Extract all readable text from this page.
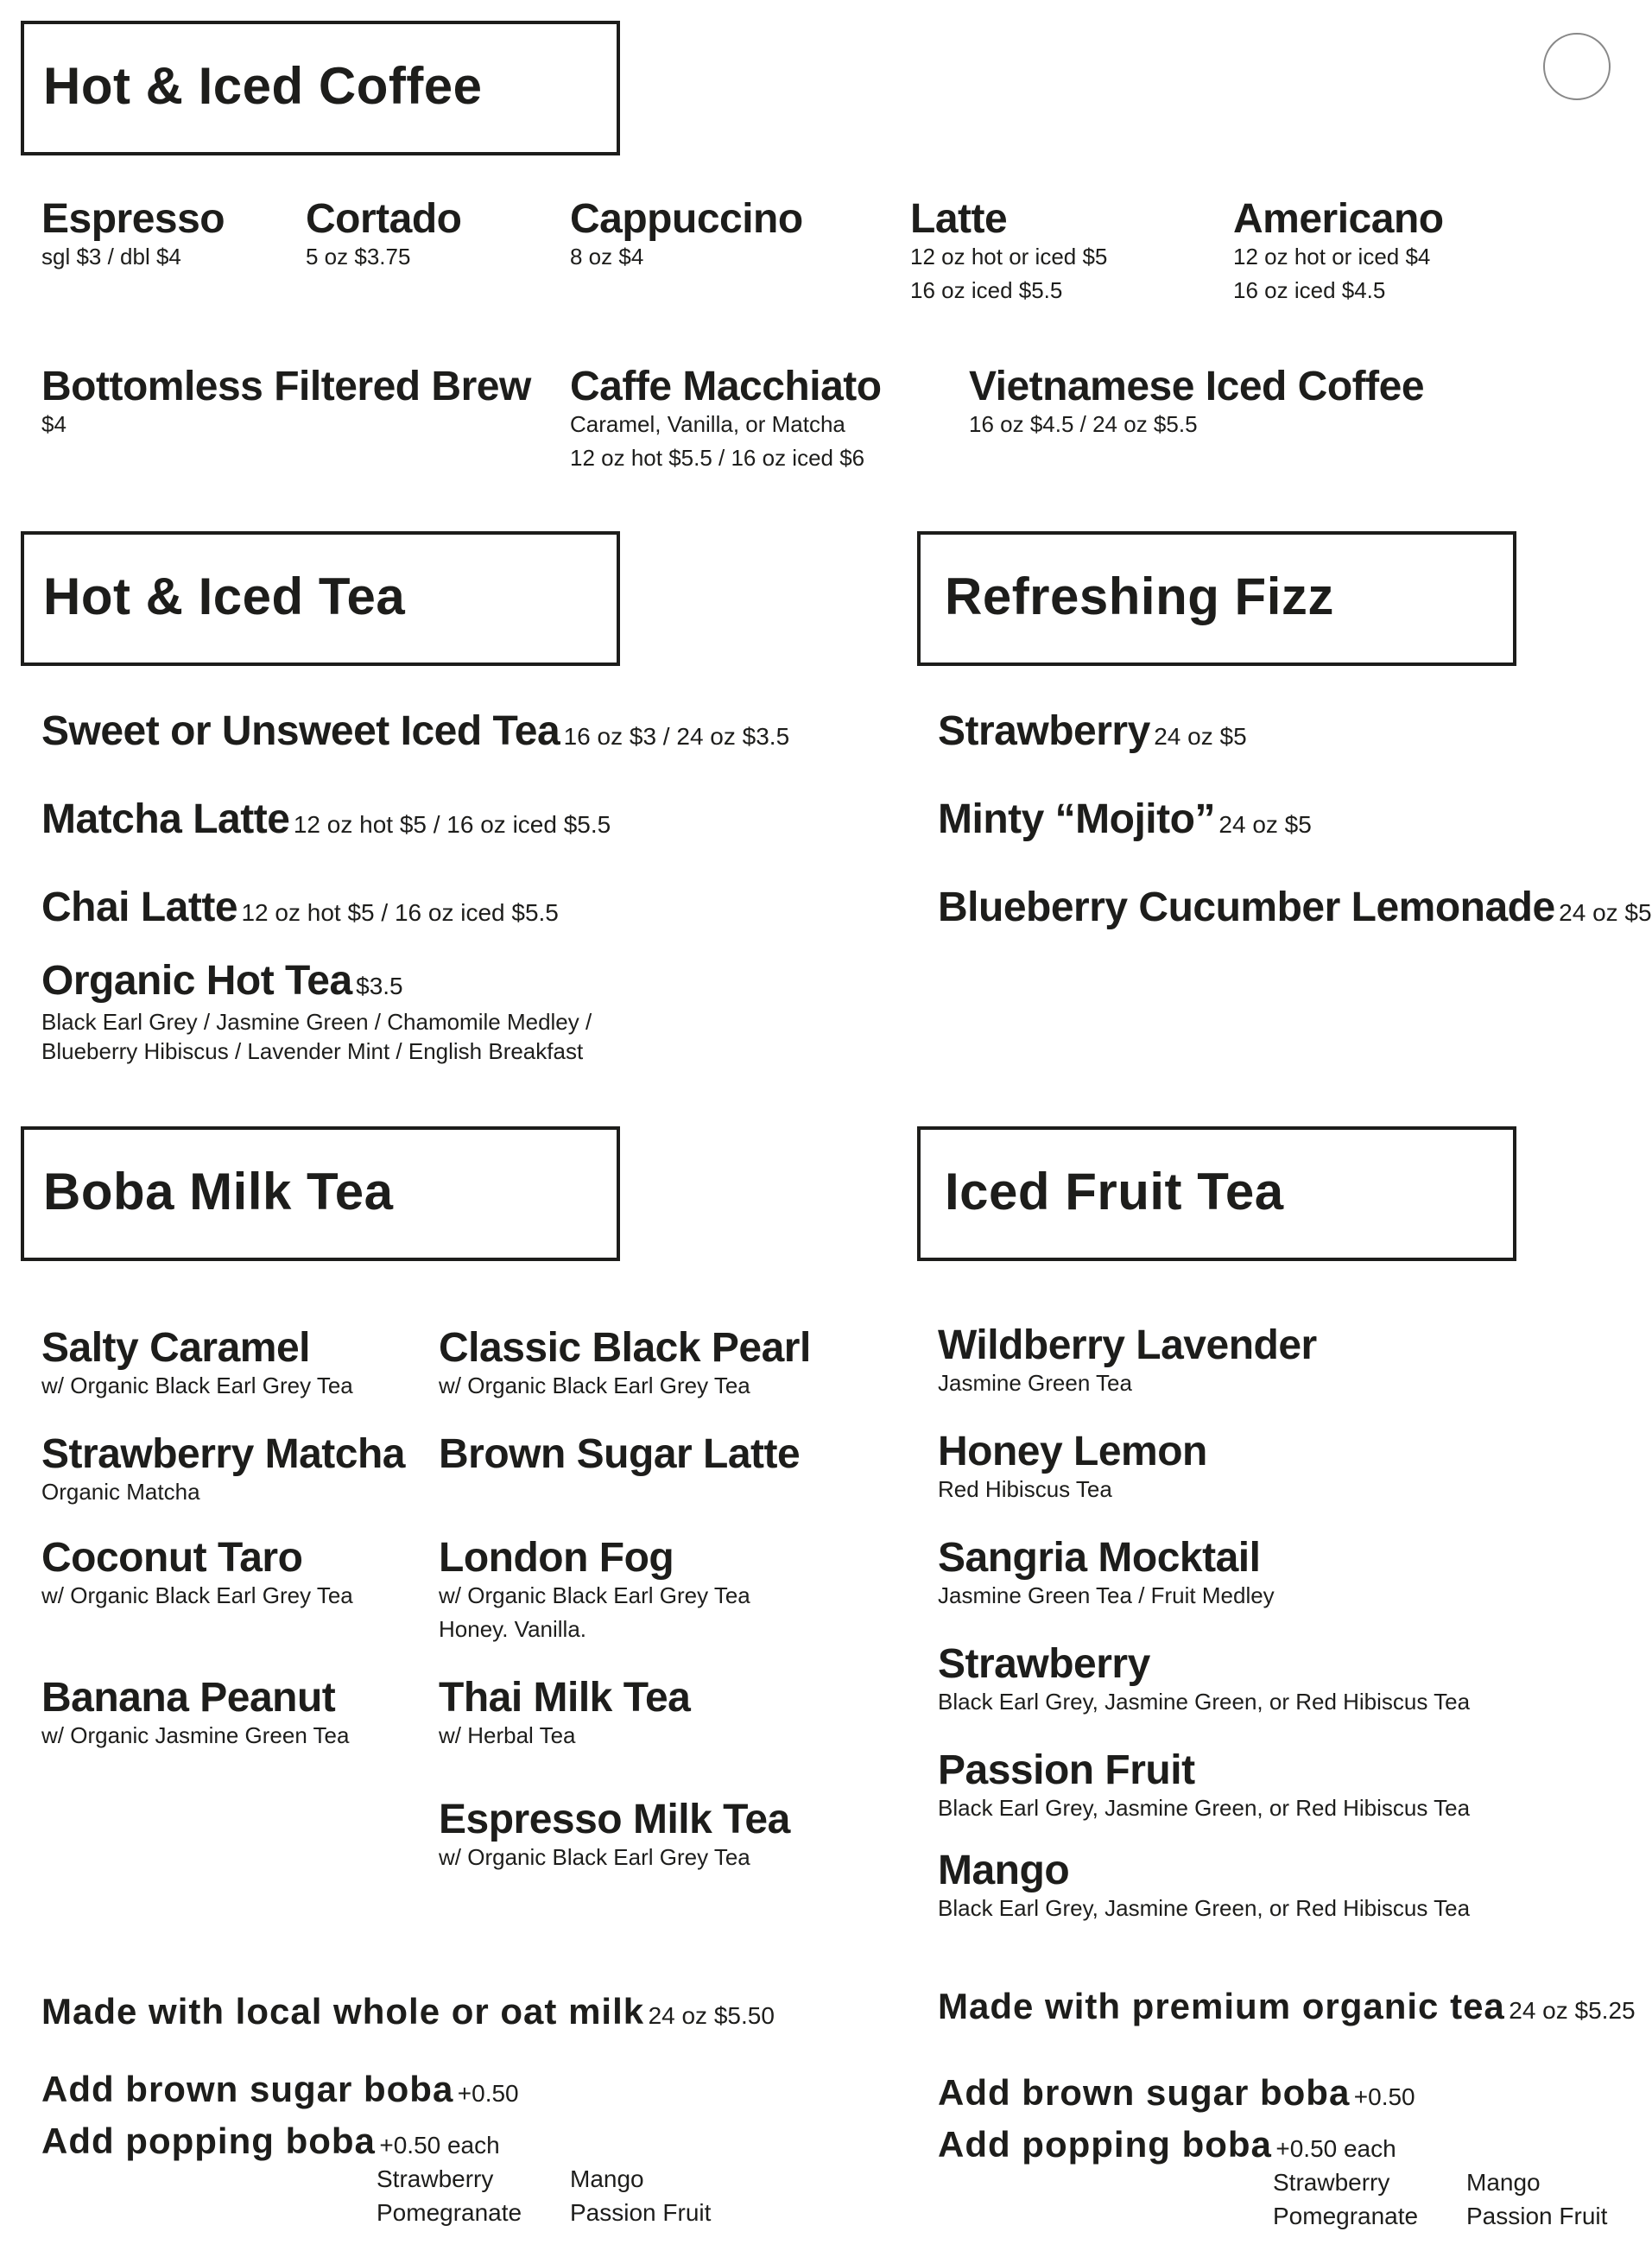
Hot & Iced Coffee
Espresso
sgl $3 / dbl $4
Cortado
5 oz $3.75
Cappuccino
8 oz $4
Latte
12 oz hot or iced $5
16 oz iced $5.5
Americano
12 oz hot or iced $4
16 oz iced $4.5
Bottomless Filtered Brew
$4
Caffe Macchiato
Caramel, Vanilla, or Matcha
12 oz hot $5.5 / 16 oz iced $6
Vietnamese Iced Coffee
16 oz $4.5 / 24 oz $5.5
Hot & Iced Tea
Sweet or Unsweet Iced Tea 16 oz $3 / 24 oz $3.5
Matcha Latte 12 oz hot $5 / 16 oz iced $5.5
Chai Latte 12 oz hot $5 / 16 oz iced $5.5
Organic Hot Tea $3.5
Black Earl Grey / Jasmine Green / Chamomile Medley /
Blueberry Hibiscus / Lavender Mint / English Breakfast
Refreshing Fizz
Strawberry 24 oz $5
Minty “Mojito” 24 oz $5
Blueberry Cucumber Lemonade 24 oz $5
Boba Milk Tea
Salty Caramel
w/ Organic Black Earl Grey Tea
Strawberry Matcha
Organic Matcha
Coconut Taro
w/ Organic Black Earl Grey Tea
Banana Peanut
w/ Organic Jasmine Green Tea
Classic Black Pearl
w/ Organic Black Earl Grey Tea
Brown Sugar Latte
London Fog
w/ Organic Black Earl Grey Tea
Honey. Vanilla.
Thai Milk Tea
w/ Herbal Tea
Espresso Milk Tea
w/ Organic Black Earl Grey Tea
Made with local whole or oat milk 24 oz $5.50
Add brown sugar boba +0.50
Add popping boba +0.50 each
Strawberry	Mango
Pomegranate Passion Fruit
Iced Fruit Tea
Wildberry Lavender
Jasmine Green Tea
Honey Lemon
Red Hibiscus Tea
Sangria Mocktail
Jasmine Green Tea / Fruit Medley
Strawberry
Black Earl Grey, Jasmine Green, or Red Hibiscus Tea
Passion Fruit
Black Earl Grey, Jasmine Green, or Red Hibiscus Tea
Mango
Black Earl Grey, Jasmine Green, or Red Hibiscus Tea
Made with premium organic tea 24 oz $5.25
Add brown sugar boba +0.50
Add popping boba +0.50 each
Strawberry	Mango
Pomegranate Passion Fruit
